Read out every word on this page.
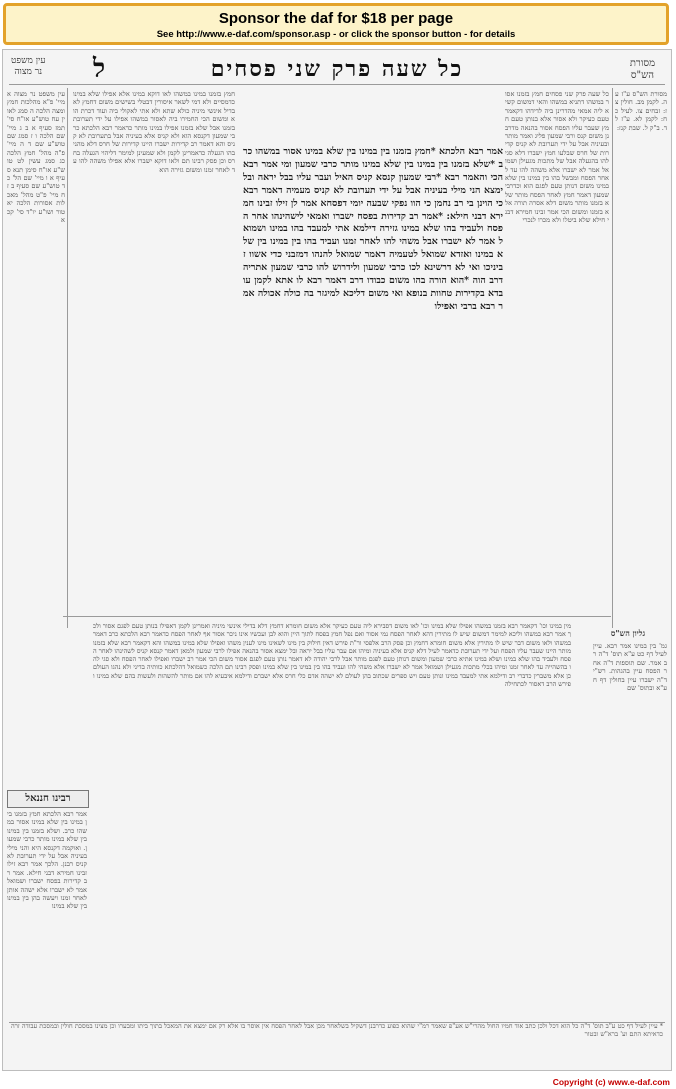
Sponsor the daf for $18 per page
See http://www.e-daf.com/sponsor.asp - or click the sponsor button - for details
מסורת
הש"ס
כל שעה פרק שני פסחים
ל
עין משפט
נר מצוה
עין משפט נר מצוה א מיי' פ"א מהלכות חמץ ומצה הלכה ה סמג לאוין עח טוש"ע או"ח סי' תמז סעיף א ב ג מיי' שם הלכה ו ז סמג שם טוש"ע שם ד ה מיי' פ"ה מהל' חמץ הלכה כג סמג עשין לט טוש"ע או"ח סימן תנא סעיף א ו מיי' שם הל' כד טוש"ע שם סעיף ב ז ח מיי' פ"ט מהל' מאכלות אסורות הלכה יא טור ושו"ע יו"ד סי' קכא
מסורת הש"ס ע"ז עה. לקמן מב. חולין צז: זבחים צו. לעיל כח: לקמן לא. ע"ז לד. ב"ק ל. שבת קנז:
חמץ בזמנו במינו במשהו לאו דוקא במינו אלא אפילו שלא במינו כדמסיים ולא דמי לשאר איסורין דבטלי בשישים משום דחמץ לא בדיל אינשי מיניה כולא שתא ולא אתי לאקולי ביה ועוד דכרת הוא ומשום הכי החמירו ביה לאסור במשהו אפילו על ידי תערובת בזמנו אבל שלא בזמנו אפילו במינו מותר כדאמר רבא הלכתא כרבי שמעון דקנסא הוא ולא קניס אלא בעיניה אבל בתערובת לא קניס והא דאמר רב קדירות ישברו היינו קדירות של חרס דלא מהני בהו הגעלה כדאמרינן לקמן ולא שמעינן למימר דליהוי הגעלה בחרס וכן פסק רבינו תם ולאו דוקא ישברו אלא אפילו משהה להו עד לאחר זמנו ומשום גזירה הוא
כל שעה פרק שני פסחים חמץ בזמנו אסור במשהו דתניא במשהו והאי דמשום קשיא ליה אמאי מהדרינן ביה לדידהו דקאמר טעם כעיקר ולא אסור אלא בנותן טעם חמץ שעבר עליו הפסח אסור בהנאה מדרבנן משום קנס ורבי שמעון פליג ואמר מותר ובעיניה אבל על ידי תערובת לא קניס קדירות של חרס שבלעו חמץ ישברו דלא סגי להו בהגעלה אבל של מתכות מגעילן ושמואל אמר לא ישברו אלא משהה להו עד לאחר הפסח ומבשל בהו בין במינו בין שלא במינו משום דנותן טעם לפגם הוא וכדרבי שמעון דאמר חמץ לאחר הפסח מותר שלא בזמנו מותר משום דלא אסרה תורה אלא בזמנו ומשום הכי אמר זבינו חמירא דבני חילא שלא ביטלו ולא מכרו לנכרי
אמר רבא הלכתא *חמץ בזמנו בין במינו בין שלא במינו אסור במשהו כרב *שלא בזמנו בין במינו בין שלא במינו מותר כרבי שמעון ומי אמר רבא הכי והאמר רבא *רבי שמעון קנסא קניס האיל ועבר עליו בבל יראה ובל ימצא הני מילי בעיניה אבל על ידי תערובת לא קניס מעמיה דאמר רבא כי הוינן בי רב נחמן כי הוו נפקי שבעה יומי דפסחא אמר לן זילו זבינו חמירא דבני חילא: *אמר רב קדירות בפסח ישברו ואמאי לישהינהו אחר הפסח ולעביד בהו שלא במינו גזירה דילמא אתי למעבד בהו במינו ושמואל אמר לא ישברו אבל משהי להו לאחר זמנו ועביד בהו בין במינו בין שלא במינו ואזדא שמואל לטעמיה דאמר שמואל להנהו דמזבני כדי אשוו זביניכו ואי לא דרשינא לכו כרבי שמעון ולידרוש להו כרבי שמעון אתריה דרב הוה *הוא הורה בהו משום כבודו דרב דאמר רבא לו אתא לקמן עובדא בקדירות טחוות בנופא ואי משום דליכא למיגזר בה כולה אכולה אמר רבא ברבי ואפילו
מין במינו וכו' דקאמר רבא בזמנו במשהו אפילו שלא במינו וכו' לאו משום דסבירא ליה טעם כעיקר אלא משום חומרא דחמץ דלא בדילי אינשי מיניה ואמרינן לקמן דאפילו בנותן טעם לפגם אסור ולכך אמר רבא במשהו וליכא למימר דמשום שיש לו מתירין דהא לאחר הפסח נמי אסור ואם נפל חמץ בפסח לתוך היין והוא לבן ועכשיו אינו ניכר אסור אף לאחר הפסח כדאמר רבא הלכתא כרב דאמר במשהו ולאו משום דבר שיש לו מתירין אלא משום חומרא דחמץ וכן פסק הרב אלפסי ור"ת פירש דאין חילוק בין מינו לשאינו מינו לענין משהו ואפילו שלא במינו במשהו והא דקאמר רבא שלא בזמנו מותר היינו שעבר עליו הפסח ועל ידי תערובת כדאמר לעיל דלא קניס אלא בעיניה ומיהו אם עבר עליו בבל יראה ובל ימצא אסור בהנאה אפילו לרבי שמעון ולמאן דאמר קנסא קניס לשהינהו לאחר הפסח ולעביד בהו שלא במינו ושלא במינו אתיא כרבי שמעון ומשום דנותן טעם לפגם מותר אבל לרבי יהודה לא דאמר נותן טעם לפגם אסור משום הכי אמר רב ישברו ואפילו לאחר הפסח ולא סגי להו בהשהייה עד לאחר זמנו ומיהו בכלי מתכות מגעילן ושמואל אמר לא ישברו אלא משהי להו ועביד בהו בין במינו בין שלא במינו ופסק רבינו תם הלכה כשמואל דהלכתא כוותיה בדיני ולא נהגו העולם כן אלא משברין כדברי רב ודילמא אתי למעבד במינו ונותן טעם ויש ספרים שכתוב בהן לעולם לא ישהה אדם כלי חרס אלא ישברם ודילמא איבעיא להו אם מותר להשהות ולעשות בהם שלא במינו ופירש הרב דאסור לכתחילה
גליון הש"ס
גמ' בין במינו אמר רבא. עיין לעיל דף כט ע"א תוס' ד"ה רב אמר. שם תוספות ד"ה אחר הפסח עיין בהגהות. רש"י ד"ה ישברו עיין בחולין דף ח ע"א ובתוס' שם
רבינו חננאל
אמר רבא הלכתא חמץ בזמנו בין במינו בין שלא במינו אסור במשהו כרב. ושלא בזמנו בין במינו בין שלא במינו מותר כרבי שמעון. ואוקמה דקנסא היא והני מילי בעיניה אבל על ידי תערובת לא קניס רבנן. הלכך אמר רבא זילו זבינו חמירא דבני חילא. אמר רב קדירות בפסח ישברו ושמואל אמר לא ישברו אלא ישהה אותן לאחר זמנו ויעשה בהן בין במינו בין שלא במינו
* עיין לעיל דף כט ע"ב תוס' ד"ה כל הוא דכל ולכן כתב אוד חמיו החול מהרי"ש אע"פ שאמר רמ"י שהוא כפוע כדרבנן דשקיל בשלאחר מכן אבל לאחר הפסח אין אוסר בו אלא רק אם ימצא את המאכל בתוך ביתו ומבערו וכן מצינו במסכת חולין ובמסכת עבודה זרה כדאיתא התם וע' ברא"ש ובטור
Copyright (c) www.e-daf.com
